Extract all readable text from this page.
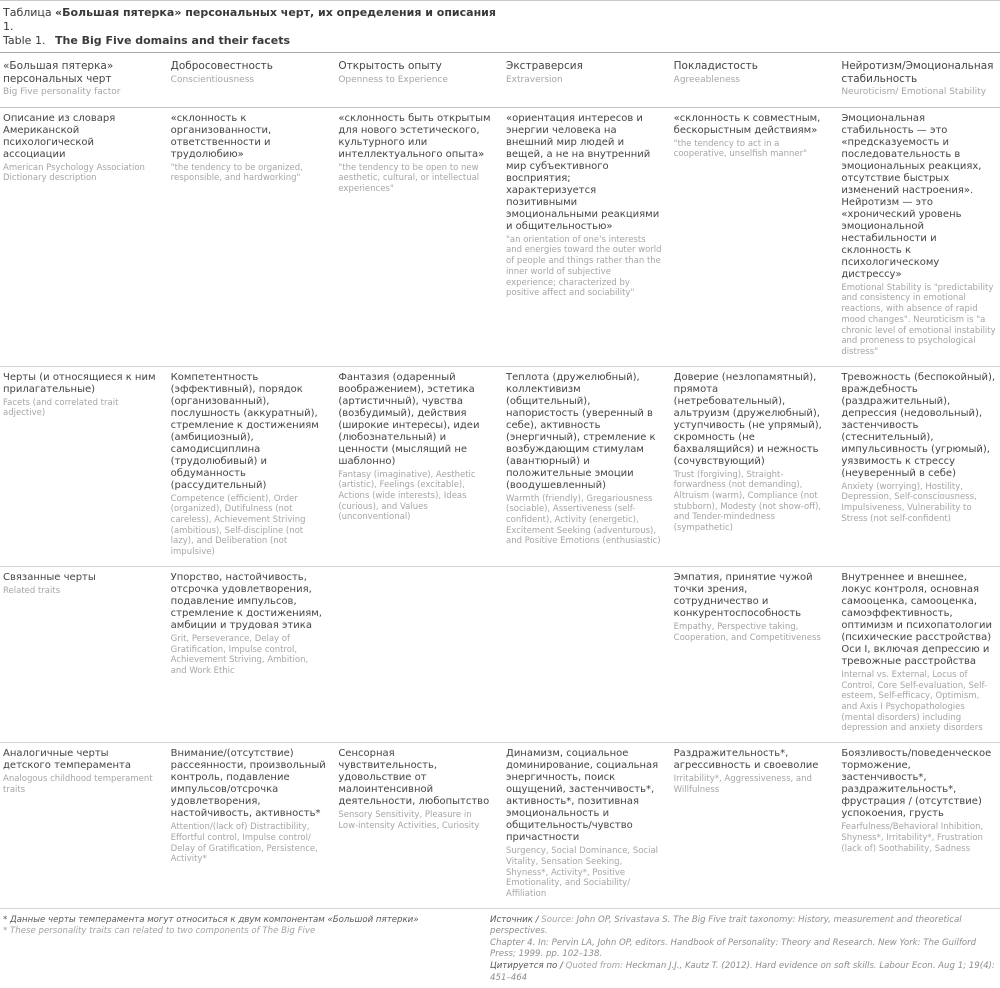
Таблица 1.
«Большая пятерка» персональных черт, их определения и описания
Table 1. The Big Five domains and their facets
«Большая пятерка» персональных черт
Big Five personality factor
Добросовестность
Conscientiousness
Открытость опыту
Openness to Experience
Экстраверсия
Extraversion
Покладистость
Agreeableness
Нейротизм/Эмоциональная стабильность
Neuroticism/ Emotional Stability
Описание из словаря Американской психологической ассоциации
American Psychology Association Dictionary description
«склонность к организованности, ответственности и трудолюбию»
"the tendency to be organized, responsible, and hardworking"
«склонность быть открытым для нового эстетического, культурного или интеллектуального опыта»
"the tendency to be open to new aesthetic, cultural, or intellectual experiences"
«ориентация интересов и энергии человека на внешний мир людей и вещей, а не на внутренний мир субъективного восприятия; характеризуется позитивными эмоциональными реакциями и общительностью»
"an orientation of one's interests and energies toward the outer world of people and things rather than the inner world of subjective experience; characterized by positive affect and sociability"
«склонность к совместным, бескорыстным действиям»
"the tendency to act in a cooperative, unselfish manner"
Эмоциональная стабильность — это «предсказуемость и последовательность в эмоциональных реакциях, отсутствие быстрых изменений настроения». Нейротизм — это «хронический уровень эмоциональной нестабильности и склонность к психологическому дистрессу»
Emotional Stability is "predictability and consistency in emotional reactions, with absence of rapid mood changes". Neuroticism is "a chronic level of emotional instability and proneness to psychological distress"
Черты (и относящиеся к ним прилагательные)
Facets (and correlated trait adjective)
Компетентность (эффективный), порядок (организованный), послушность (аккуратный), стремление к достижениям (амбициозный), самодисциплина (трудолюбивый) и обдуманность (рассудительный)
Competence (efficient), Order (organized), Dutifulness (not careless), Achievement Striving (ambitious), Self-discipline (not lazy), and Deliberation (not impulsive)
Фантазия (одаренный воображением), эстетика (артистичный), чувства (возбудимый), действия (широкие интересы), идеи (любознательный) и ценности (мыслящий не шаблонно)
Fantasy (imaginative), Aesthetic (artistic), Feelings (excitable), Actions (wide interests), Ideas (curious), and Values (unconventional)
Теплота (дружелюбный), коллективизм (общительный), напористость (уверенный в себе), активность (энергичный), стремление к возбуждающим стимулам (авантюрный) и положительные эмоции (воодушевленный)
Warmth (friendly), Gregariousness (sociable), Assertiveness (self-confident), Activity (energetic), Excitement Seeking (adventurous), and Positive Emotions (enthusiastic)
Доверие (незлопамятный), прямота (нетребовательный), альтруизм (дружелюбный), уступчивость (не упрямый), скромность (не бахвалящийся) и нежность (сочувствующий)
Trust (forgiving), Straight-forwardness (not demanding), Altruism (warm), Compliance (not stubborn), Modesty (not show-off), and Tender-mindedness (sympathetic)
Тревожность (беспокойный), враждебность (раздражительный), депрессия (недовольный), застенчивость (стеснительный), импульсивность (угрюмый), уязвимость к стрессу (неуверенный в себе)
Anxiety (worrying), Hostility, Depression, Self-consciousness, Impulsiveness, Vulnerability to Stress (not self-confident)
Связанные черты
Related traits
Упорство, настойчивость, отсрочка удовлетворения, подавление импульсов, стремление к достижениям, амбиции и трудовая этика
Grit, Perseverance, Delay of Gratification, Impulse control, Achievement Striving, Ambition, and Work Ethic
Эмпатия, принятие чужой точки зрения, сотрудничество и конкурентоспособность
Empathy, Perspective taking, Cooperation, and Competitiveness
Внутреннее и внешнее, локус контроля, основная самооценка, самооценка, самоэффективность, оптимизм и психопатологии (психические расстройства) Оси I, включая депрессию и тревожные расстройства
Internal vs. External, Locus of Control, Core Self-evaluation, Self-esteem, Self-efficacy, Optimism, and Axis I Psychopathologies (mental disorders) including depression and anxiety disorders
Аналогичные черты детского темперамента
Analogous childhood temperament traits
Внимание/(отсутствие) рассеянности, произвольный контроль, подавление импульсов/отсрочка удовлетворения, настойчивость, активность*
Attention/(lack of) Distractibility, Effortful control, Impulse control/ Delay of Gratification, Persistence, Activity*
Сенсорная чувствительность, удовольствие от малоинтенсивной деятельности, любопытство
Sensory Sensitivity, Pleasure in Low-intensity Activities, Curiosity
Динамизм, социальное доминирование, социальная энергичность, поиск ощущений, застенчивость*, активность*, позитивная эмоциональность и общительность/чувство причастности
Surgency, Social Dominance, Social Vitality, Sensation Seeking, Shyness*, Activity*, Positive Emotionality, and Sociability/ Affiliation
Раздражительность*, агрессивность и своеволие
Irritability*, Aggressiveness, and Willfulness
Боязливость/поведенческое торможение, застенчивость*, раздражительность*, фрустрация / (отсутствие) успокоения, грусть
Fearfulness/Behavioral Inhibition, Shyness*, Irritability*, Frustration (lack of) Soothability, Sadness
* Данные черты темперамента могут относиться к двум компонентам «Большой пятерки»
* These personality traits can related to two components of The Big Five
Источник / Source: John OP, Srivastava S. The Big Five trait taxonomy: History, measurement and theoretical perspectives.
Chapter 4. In: Pervin LA, John OP, editors. Handbook of Personality: Theory and Research. New York: The Guilford Press; 1999. pp. 102–138.
Цитируется по / Quoted from: Heckman J.J., Kautz T. (2012). Hard evidence on soft skills. Labour Econ. Aug 1; 19(4): 451–464
